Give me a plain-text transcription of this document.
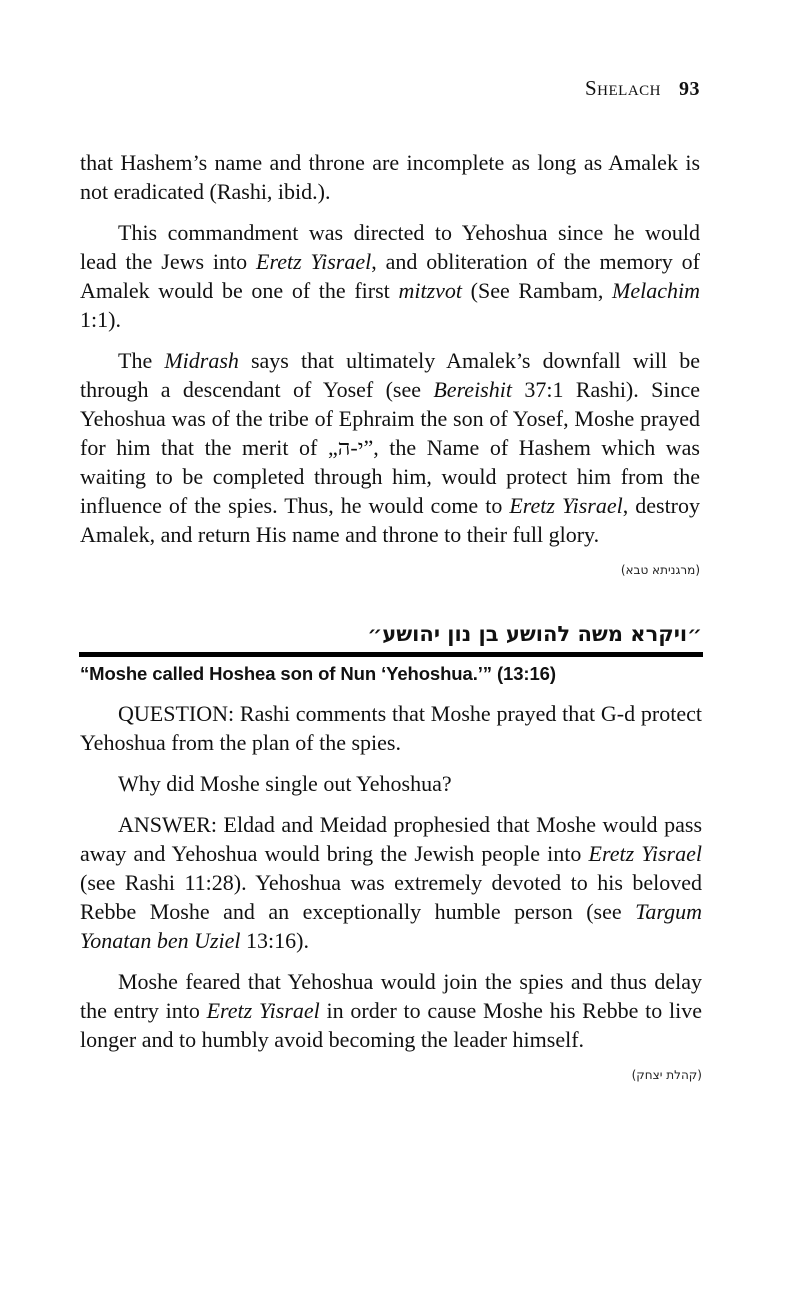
Shelach 93

that Hashem’s name and throne are incomplete as long as Amalek is not eradicated (Rashi, ibid.).

This commandment was directed to Yehoshua since he would lead the Jews into Eretz Yisrael, and obliteration of the memory of Amalek would be one of the first mitzvot (See Rambam, Melachim 1:1).

The Midrash says that ultimately Amalek’s downfall will be through a descendant of Yosef (see Bereishit 37:1 Rashi). Since Yehoshua was of the tribe of Ephraim the son of Yosef, Moshe prayed for him that the merit of „י-ה”, the Name of Hashem which was waiting to be completed through him, would protect him from the influence of the spies. Thus, he would come to Eretz Yisrael, destroy Amalek, and return His name and throne to their full glory.

(מרגניתא טבא)
״ויקרא משה להושע בן נון יהושע״
“Moshe called Hoshea son of Nun ‘Yehoshua.’” (13:16)

QUESTION: Rashi comments that Moshe prayed that G-d protect Yehoshua from the plan of the spies.

Why did Moshe single out Yehoshua?

ANSWER: Eldad and Meidad prophesied that Moshe would pass away and Yehoshua would bring the Jewish people into Eretz Yisrael (see Rashi 11:28). Yehoshua was extremely devoted to his beloved Rebbe Moshe and an exceptionally humble person (see Targum Yonatan ben Uziel 13:16).

Moshe feared that Yehoshua would join the spies and thus delay the entry into Eretz Yisrael in order to cause Moshe his Rebbe to live longer and to humbly avoid becoming the leader himself.

(קהלת יצחק)
